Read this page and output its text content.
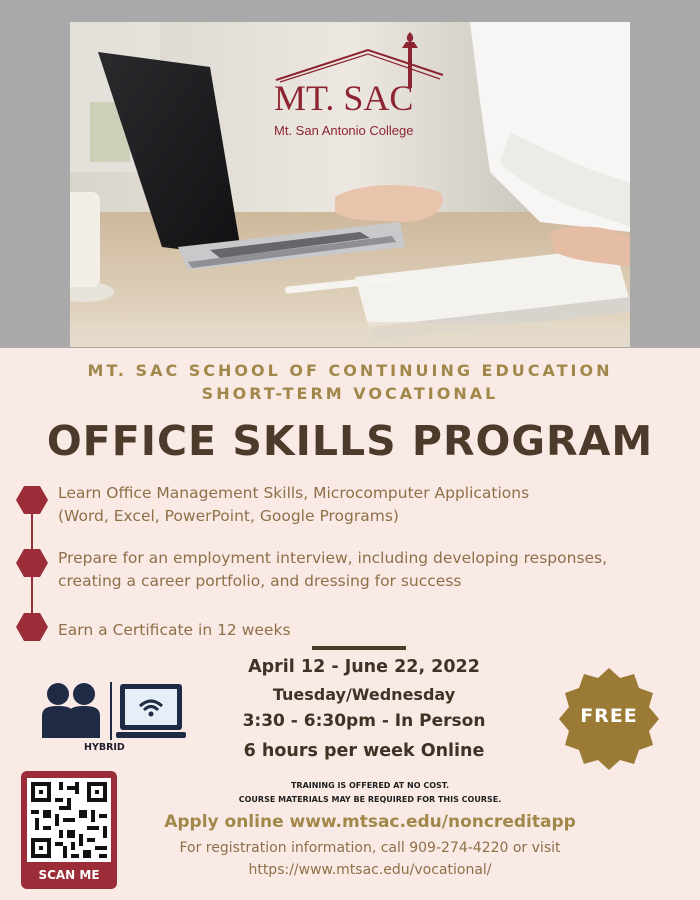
MT. SAC
Mt. San Antonio College
MT. SAC SCHOOL OF CONTINUING EDUCATION
SHORT-TERM VOCATIONAL
OFFICE SKILLS PROGRAM
Learn Office Management Skills, Microcomputer Applications
(Word, Excel, PowerPoint, Google Programs)
Prepare for an employment interview, including developing responses,
creating a career portfolio, and dressing for success
Earn a Certificate in 12 weeks
April 12 - June 22, 2022
Tuesday/Wednesday
3:30 - 6:30pm - In Person
6 hours per week Online
HYBRID
FREE
SCAN ME
TRAINING IS OFFERED AT NO COST.
COURSE MATERIALS MAY BE REQUIRED FOR THIS COURSE.
Apply online www.mtsac.edu/noncreditapp
For registration information, call 909-274-4220 or visit
https://www.mtsac.edu/vocational/
